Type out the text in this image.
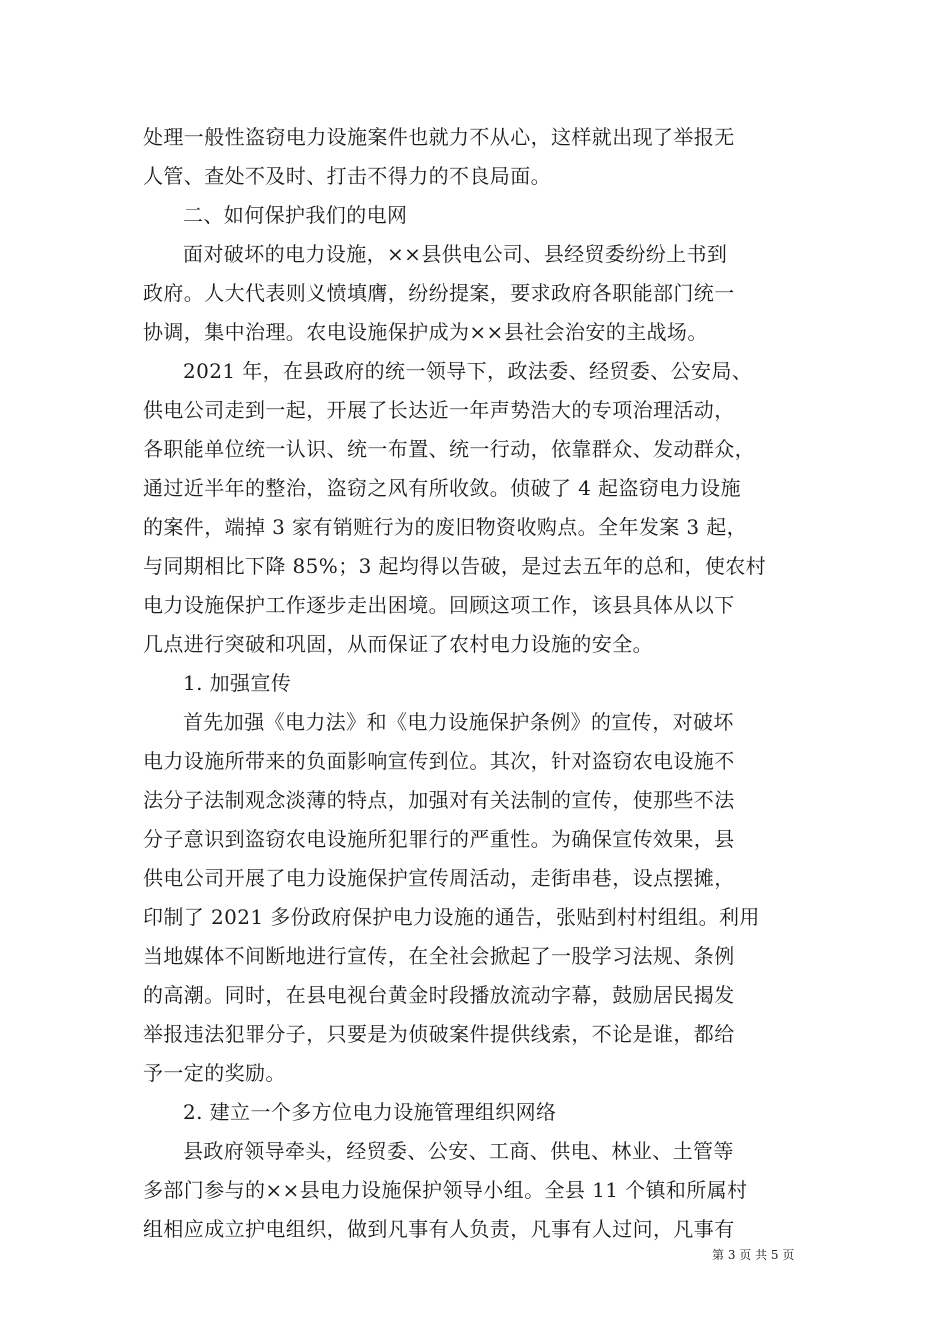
处理一般性盗窃电力设施案件也就力不从心，这样就出现了举报无
人管、查处不及时、打击不得力的不良局面。
二、如何保护我们的电网
面对破坏的电力设施，××县供电公司、县经贸委纷纷上书到
政府。人大代表则义愤填膺，纷纷提案，要求政府各职能部门统一
协调，集中治理。农电设施保护成为××县社会治安的主战场。
2021 年，在县政府的统一领导下，政法委、经贸委、公安局、
供电公司走到一起，开展了长达近一年声势浩大的专项治理活动，
各职能单位统一认识、统一布置、统一行动，依靠群众、发动群众，
通过近半年的整治，盗窃之风有所收敛。侦破了 4 起盗窃电力设施
的案件，端掉 3 家有销赃行为的废旧物资收购点。全年发案 3 起，
与同期相比下降 85%；3 起均得以告破，是过去五年的总和，使农村
电力设施保护工作逐步走出困境。回顾这项工作，该县具体从以下
几点进行突破和巩固，从而保证了农村电力设施的安全。
1. 加强宣传
首先加强《电力法》和《电力设施保护条例》的宣传，对破坏
电力设施所带来的负面影响宣传到位。其次，针对盗窃农电设施不
法分子法制观念淡薄的特点，加强对有关法制的宣传，使那些不法
分子意识到盗窃农电设施所犯罪行的严重性。为确保宣传效果，县
供电公司开展了电力设施保护宣传周活动，走街串巷，设点摆摊，
印制了 2021 多份政府保护电力设施的通告，张贴到村村组组。利用
当地媒体不间断地进行宣传，在全社会掀起了一股学习法规、条例
的高潮。同时，在县电视台黄金时段播放流动字幕，鼓励居民揭发
举报违法犯罪分子，只要是为侦破案件提供线索，不论是谁，都给
予一定的奖励。
2. 建立一个多方位电力设施管理组织网络
县政府领导牵头，经贸委、公安、工商、供电、林业、土管等
多部门参与的××县电力设施保护领导小组。全县 11 个镇和所属村
组相应成立护电组织，做到凡事有人负责，凡事有人过问，凡事有
第 3 页 共 5 页
